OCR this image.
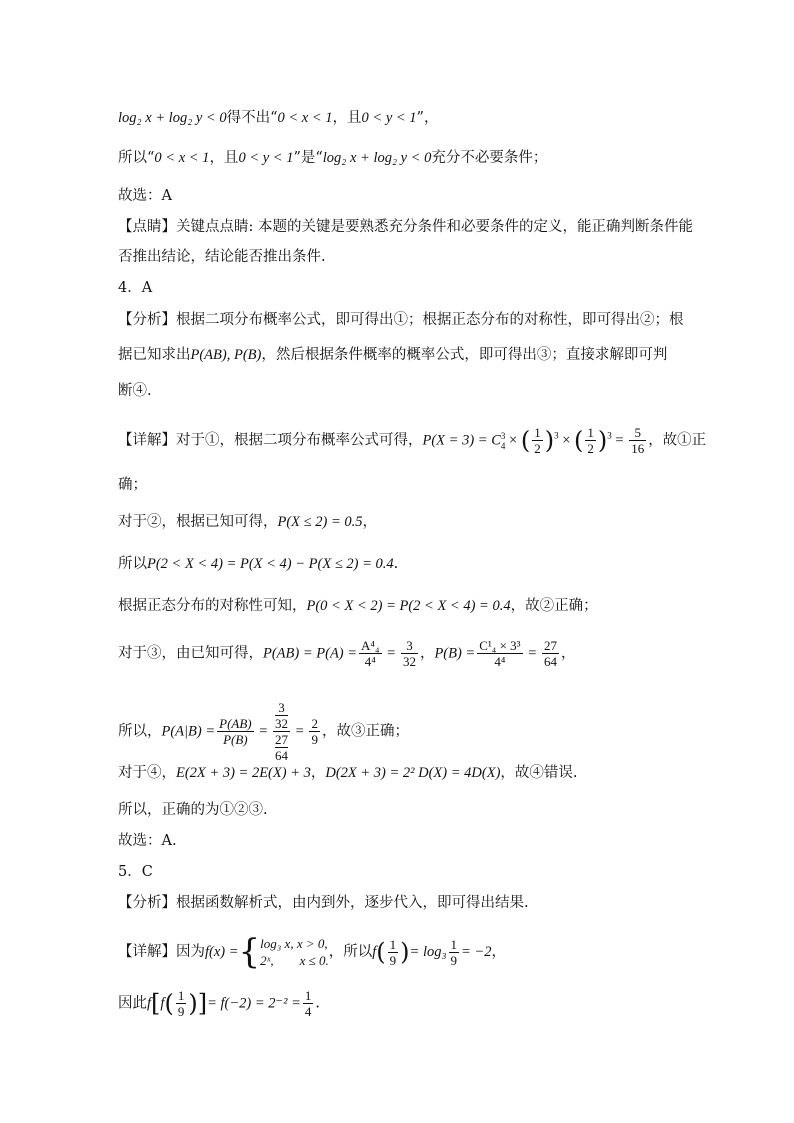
log₂ x + log₂ y < 0得不出“0 < x < 1，且0 < y < 1”，
所以“0 < x < 1，且0 < y < 1”是“log₂ x + log₂ y < 0充分不必要条件；
故选：A
【点睛】关键点点睛: 本题的关键是要熟悉充分条件和必要条件的定义，能正确判断条件能
否推出结论，结论能否推出条件.
4．A
【分析】根据二项分布概率公式，即可得出①；根据正态分布的对称性，即可得出②；根
据已知求出P(AB), P(B)，然后根据条件概率的概率公式，即可得出③；直接求解即可判
断④.
【详解】对于①，根据二项分布概率公式可得，P(X = 3) = C 3
4 × ( $\frac{1}{2} )^3$ × ( $\frac{1}{2} )^3 = \frac{5}{16}$ ，故①正
确；
对于②，根据已知可得，P(X ≤ 2) = 0.5，
所以P(2 < X < 4) = P(X < 4) − P(X ≤ 2) = 0.4.
根据正态分布的对称性可知，P(0 < X < 2) = P(2 < X < 4) = 0.4，故②正确；
对于③，由已知可得，$P(AB) = P(A) = \frac{\text{A⁴₄}}{\text{4⁴}} = \frac{3}{32}$ ，$P(B) = \frac{\text{C¹₄ × 3³}}{\text{4⁴}} = \frac{27}{64}$ ，
所以，$P(A|B) = \frac{P(AB)}{P(B)} = 3$
32
27
$64 = \frac{2}{9}$ ，故③正确；
对于④，E(2X + 3) = 2E(X) + 3，D(2X + 3) = 2² D(X) = 4D(X)，故④错误.
所以，正确的为①②③.
故选：A.
5．C
【分析】根据函数解析式，由内到外，逐步代入，即可得出结果.
【详解】因为f(x) ={ log₃ x, x > 0,
2ˣ,        x ≤ 0.
，所以$f( \frac{1}{9}$ )= $\log_3 \frac{1}{9} = -2$，
因此$f[f( \frac{1}{9}$ )]= $f(-2) = 2^{-2} = \frac{1}{4}$ .
